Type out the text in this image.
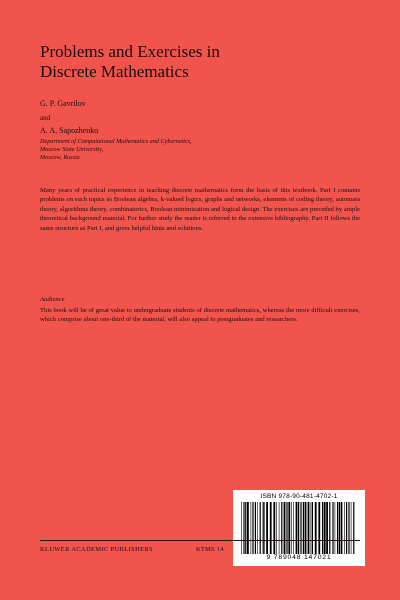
Problems and Exercises in
Discrete Mathematics
G. P. Gavrilov
and
A. A. Sapozhenko
Department of Computational Mathematics and Cybernetics,
Moscow State University,
Moscow, Russia

Many years of practical experience in teaching discrete mathematics form the basis of this textbook. Part I contains problems on such topics as Boolean algebra, k-valued logics, graphs and networks, elements of coding theory, automata theory, algorithms theory, combinatorics, Boolean minimization and logical design. The exercises are preceded by ample theoretical background material. For further study the reader is referred to the extensive bibliography. Part II follows the same structure as Part I, and gives helpful hints and solutions.

Audience

This book will be of great value to undergraduate students of discrete mathematics, whereas the more difficult exercises, which comprise about one-third of the material, will also appeal to postgraduates and researchers.

ISBN 978-90-481-4702-1
9 789048 147021
KLUWER ACADEMIC PUBLISHERS	KTMS 14
